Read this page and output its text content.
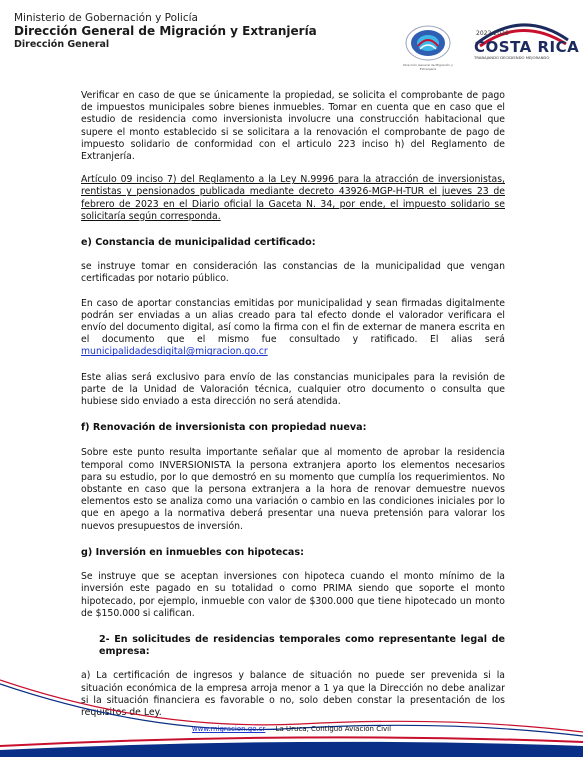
Ministerio de Gobernación y Policía
Dirección General de Migración y Extranjería
Dirección General
Dirección General de Migración y Extranjería
2022-2026
COSTA RICA
TRABAJANDO DECIDIENDO MEJORANDO

Verificar en caso de que se únicamente la propiedad, se solicita el comprobante de pago de impuestos municipales sobre bienes inmuebles. Tomar en cuenta que en caso que el estudio de residencia como inversionista involucre una construcción habitacional que supere el monto establecido si se solicitara a la renovación el comprobante de pago de impuesto solidario de conformidad con el articulo 223 inciso h) del Reglamento de Extranjería.

Artículo 09 inciso 7) del Reglamento a la Ley N.9996 para la atracción de inversionistas, rentistas y pensionados publicada mediante decreto 43926-MGP-H-TUR el jueves 23 de febrero de 2023 en el Diario oficial la Gaceta N. 34, por ende, el impuesto solidario se solicitaría según corresponda.

e) Constancia de municipalidad certificado:

se instruye tomar en consideración las constancias de la municipalidad que vengan certificadas por notario público.

En caso de aportar constancias emitidas por municipalidad y sean firmadas digitalmente podrán ser enviadas a un alias creado para tal efecto donde el valorador verificara el envío del documento digital, así como la firma con el fin de externar de manera escrita en el documento que el mismo fue consultado y ratificado. El alias será municipalidadesdigital@migracion.go.cr

Este alias será exclusivo para envío de las constancias municipales para la revisión de parte de la Unidad de Valoración técnica, cualquier otro documento o consulta que hubiese sido enviado a esta dirección no será atendida.

f) Renovación de inversionista con propiedad nueva:

Sobre este punto resulta importante señalar que al momento de aprobar la residencia temporal como INVERSIONISTA la persona extranjera aporto los elementos necesarios para su estudio, por lo que demostró en su momento que cumplía los requerimientos. No obstante en caso que la persona extranjera a la hora de renovar demuestre nuevos elementos esto se analiza como una variación o cambio en las condiciones iniciales por lo que en apego a la normativa deberá presentar una nueva pretensión para valorar los nuevos presupuestos de inversión.

g) Inversión en inmuebles con hipotecas:

Se instruye que se aceptan inversiones con hipoteca cuando el monto mínimo de la inversión este pagado en su totalidad o como PRIMA siendo que soporte el monto hipotecado, por ejemplo, inmueble con valor de $300.000 que tiene hipotecado un monto de $150.000 si califican.

2- En solicitudes de residencias temporales como representante legal de empresa:

a) La certificación de ingresos y balance de situación no puede ser prevenida si la situación económica de la empresa arroja menor a 1 ya que la Dirección no debe analizar si la situación financiera es favorable o no, solo deben constar la presentación de los requisitos de Ley.

www.migracion.go.cr La Uruca, Contiguo Aviación Civil
